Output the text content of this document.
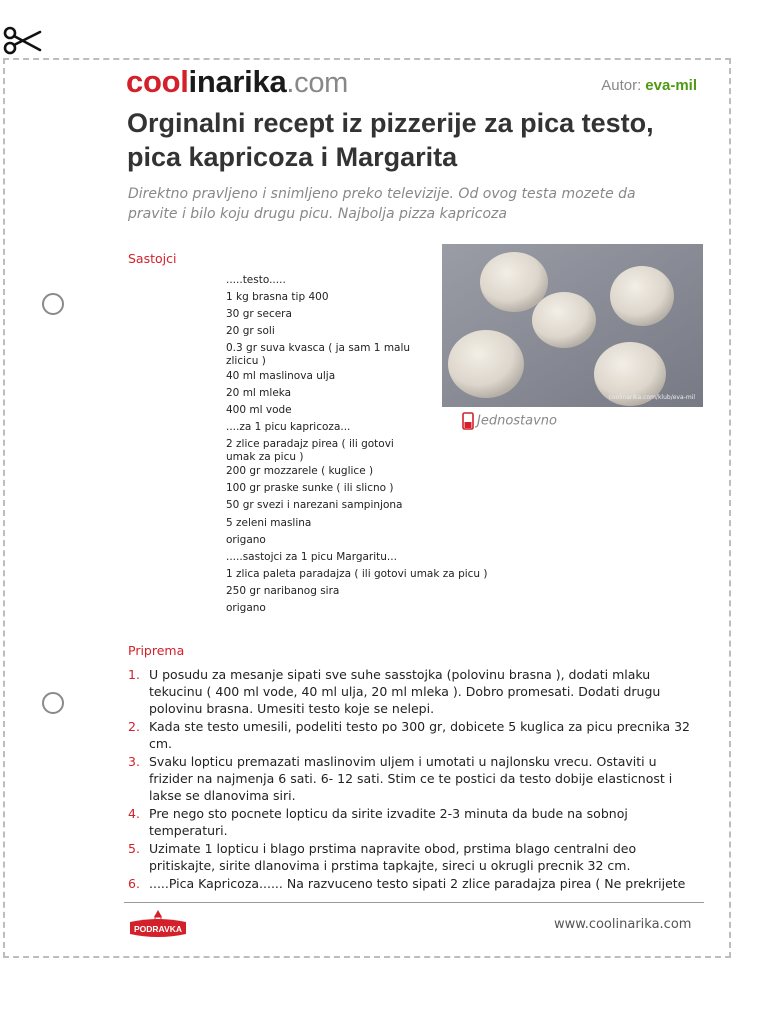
coolinarika.com	Autor: eva-mil
Orginalni recept iz pizzerije za pica testo, pica kapricoza i Margarita

Direktno pravljeno i snimljeno preko televizije. Od ovog testa mozete da pravite i bilo koju drugu picu. Najbolja pizza kapricoza

Sastojci
.....testo.....
1 kg brasna tip 400
30 gr secera
20 gr soli
0.3 gr suva kvasca ( ja sam 1 malu zlicicu )
40 ml maslinova ulja
20 ml mleka
400 ml vode
....za 1 picu kapricoza...
2 zlice paradajz pirea ( ili gotovi umak za picu )
200 gr mozzarele ( kuglice )
100 gr praske sunke ( ili slicno )
50 gr svezi i narezani sampinjona
5 zeleni maslina
origano
.....sastojci za 1 picu Margaritu...
1 zlica paleta paradajza ( ili gotovi umak za picu )
250 gr naribanog sira
origano
coolinarika.com/klub/eva-mil
Jednostavno
Priprema
1. U posudu za mesanje sipati sve suhe sasstojka (polovinu brasna ), dodati mlaku tekucinu ( 400 ml vode, 40 ml ulja, 20 ml mleka ). Dobro promesati. Dodati drugu polovinu brasna. Umesiti testo koje se nelepi.
2. Kada ste testo umesili, podeliti testo po 300 gr, dobicete 5 kuglica za picu precnika 32 cm.
3. Svaku lopticu premazati maslinovim uljem i umotati u najlonsku vrecu. Ostaviti u frizider na najmenja 6 sati. 6- 12 sati. Stim ce te postici da testo dobije elasticnost i lakse se dlanovima siri.
4. Pre nego sto pocnete lopticu da sirite izvadite 2-3 minuta da bude na sobnoj temperaturi.
5. Uzimate 1 lopticu i blago prstima napravite obod, prstima blago centralni deo pritiskajte, sirite dlanovima i prstima tapkajte, sireci u okrugli precnik 32 cm.
6. .....Pica Kapricoza...... Na razvuceno testo sipati 2 zlice paradajza pirea ( Ne prekrijete
PODRAVKA	www.coolinarika.com
